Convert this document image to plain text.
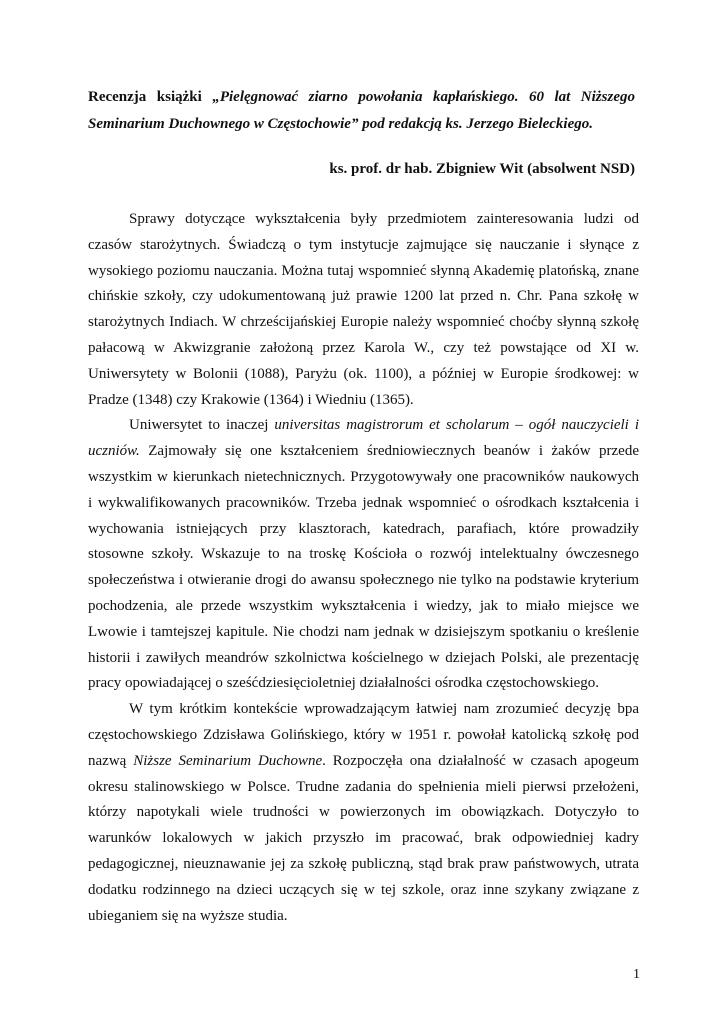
Recenzja książki „Pielęgnować ziarno powołania kapłańskiego. 60 lat Niższego Seminarium Duchownego w Częstochowie” pod redakcją ks. Jerzego Bieleckiego.

ks. prof. dr hab. Zbigniew Wit (absolwent NSD)

Sprawy dotyczące wykształcenia były przedmiotem zainteresowania ludzi od czasów starożytnych. Świadczą o tym instytucje zajmujące się nauczanie i słynące z wysokiego poziomu nauczania. Można tutaj wspomnieć słynną Akademię platońską, znane chińskie szkoły, czy udokumentowaną już prawie 1200 lat przed n. Chr. Pana szkołę w starożytnych Indiach. W chrześcijańskiej Europie należy wspomnieć choćby słynną szkołę pałacową w Akwizgranie założoną przez Karola W., czy też powstające od XI w. Uniwersytety w Bolonii (1088), Paryżu (ok. 1100), a później w Europie środkowej: w Pradze (1348) czy Krakowie (1364) i Wiedniu (1365).

Uniwersytet to inaczej universitas magistrorum et scholarum – ogół nauczycieli i uczniów. Zajmowały się one kształceniem średniowiecznych beanów i żaków przede wszystkim w kierunkach nietechnicznych. Przygotowywały one pracowników naukowych i wykwalifikowanych pracowników. Trzeba jednak wspomnieć o ośrodkach kształcenia i wychowania istniejących przy klasztorach, katedrach, parafiach, które prowadziły stosowne szkoły. Wskazuje to na troskę Kościoła o rozwój intelektualny ówczesnego społeczeństwa i otwieranie drogi do awansu społecznego nie tylko na podstawie kryterium pochodzenia, ale przede wszystkim wykształcenia i wiedzy, jak to miało miejsce we Lwowie i tamtejszej kapitule. Nie chodzi nam jednak w dzisiejszym spotkaniu o kreślenie historii i zawiłych meandrów szkolnictwa kościelnego w dziejach Polski, ale prezentację pracy opowiadającej o sześćdziesięcioletniej działalności ośrodka częstochowskiego.

W tym krótkim kontekście wprowadzającym łatwiej nam zrozumieć decyzję bpa częstochowskiego Zdzisława Golińskiego, który w 1951 r. powołał katolicką szkołę pod nazwą Niższe Seminarium Duchowne. Rozpoczęła ona działalność w czasach apogeum okresu stalinowskiego w Polsce. Trudne zadania do spełnienia mieli pierwsi przełożeni, którzy napotykali wiele trudności w powierzonych im obowiązkach. Dotyczyło to warunków lokalowych w jakich przyszło im pracować, brak odpowiedniej kadry pedagogicznej, nieuznawanie jej za szkołę publiczną, stąd brak praw państwowych, utrata dodatku rodzinnego na dzieci uczących się w tej szkole, oraz inne szykany związane z ubieganiem się na wyższe studia.

1
